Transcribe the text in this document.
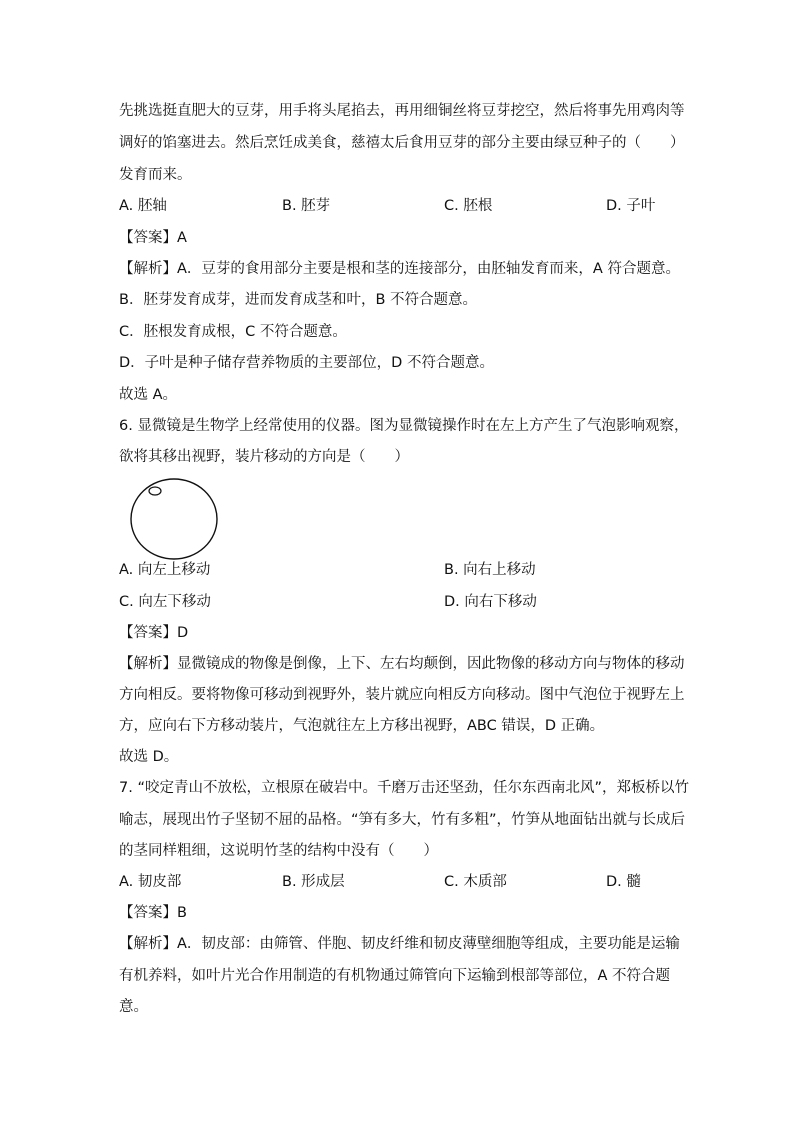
先挑选挺直肥大的豆芽，用手将头尾掐去，再用细铜丝将豆芽挖空，然后将事先用鸡肉等
调好的馅塞进去。然后烹饪成美食，慈禧太后食用豆芽的部分主要由绿豆种子的（　　）
发育而来。
A. 胚轴	B. 胚芽	C. 胚根	D. 子叶
【答案】A
【解析】A．豆芽的食用部分主要是根和茎的连接部分，由胚轴发育而来，A 符合题意。
B．胚芽发育成芽，进而发育成茎和叶，B 不符合题意。
C．胚根发育成根，C 不符合题意。
D．子叶是种子储存营养物质的主要部位，D 不符合题意。
故选 A。
6. 显微镜是生物学上经常使用的仪器。图为显微镜操作时在左上方产生了气泡影响观察，
欲将其移出视野，装片移动的方向是（　　）
A. 向左上移动	B. 向右上移动
C. 向左下移动	D. 向右下移动
【答案】D
【解析】显微镜成的物像是倒像，上下、左右均颠倒，因此物像的移动方向与物体的移动
方向相反。要将物像可移动到视野外，装片就应向相反方向移动。图中气泡位于视野左上
方，应向右下方移动装片，气泡就往左上方移出视野，ABC 错误，D 正确。
故选 D。
7. “咬定青山不放松，立根原在破岩中。千磨万击还坚劲，任尔东西南北风”，郑板桥以竹
喻志，展现出竹子坚韧不屈的品格。“笋有多大，竹有多粗”，竹笋从地面钻出就与长成后
的茎同样粗细，这说明竹茎的结构中没有（　　）
A. 韧皮部	B. 形成层	C. 木质部	D. 髓
【答案】B
【解析】A．韧皮部：由筛管、伴胞、韧皮纤维和韧皮薄壁细胞等组成，主要功能是运输
有机养料，如叶片光合作用制造的有机物通过筛管向下运输到根部等部位，A 不符合题
意。
